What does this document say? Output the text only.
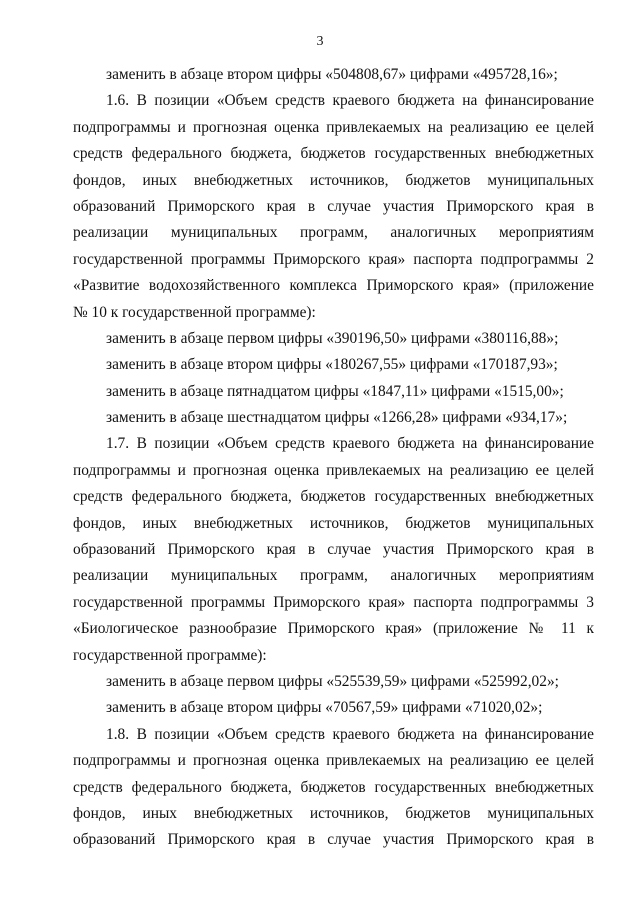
3
заменить в абзаце втором цифры «504808,67» цифрами «495728,16»;
1.6. В позиции «Объем средств краевого бюджета на финансирование
подпрограммы и прогнозная оценка привлекаемых на реализацию ее целей
средств федерального бюджета, бюджетов государственных внебюджетных
фондов, иных внебюджетных источников, бюджетов муниципальных
образований Приморского края в случае участия Приморского края в
реализации муниципальных программ, аналогичных мероприятиям
государственной программы Приморского края» паспорта подпрограммы 2
«Развитие водохозяйственного комплекса Приморского края» (приложение
№ 10 к государственной программе):
заменить в абзаце первом цифры «390196,50» цифрами «380116,88»;
заменить в абзаце втором цифры «180267,55» цифрами «170187,93»;
заменить в абзаце пятнадцатом цифры «1847,11» цифрами «1515,00»;
заменить в абзаце шестнадцатом цифры «1266,28» цифрами «934,17»;
1.7. В позиции «Объем средств краевого бюджета на финансирование
подпрограммы и прогнозная оценка привлекаемых на реализацию ее целей
средств федерального бюджета, бюджетов государственных внебюджетных
фондов, иных внебюджетных источников, бюджетов муниципальных
образований Приморского края в случае участия Приморского края в
реализации муниципальных программ, аналогичных мероприятиям
государственной программы Приморского края» паспорта подпрограммы 3
«Биологическое разнообразие Приморского края» (приложение № 11 к
государственной программе):
заменить в абзаце первом цифры «525539,59» цифрами «525992,02»;
заменить в абзаце втором цифры «70567,59» цифрами «71020,02»;
1.8. В позиции «Объем средств краевого бюджета на финансирование
подпрограммы и прогнозная оценка привлекаемых на реализацию ее целей
средств федерального бюджета, бюджетов государственных внебюджетных
фондов, иных внебюджетных источников, бюджетов муниципальных
образований Приморского края в случае участия Приморского края в
